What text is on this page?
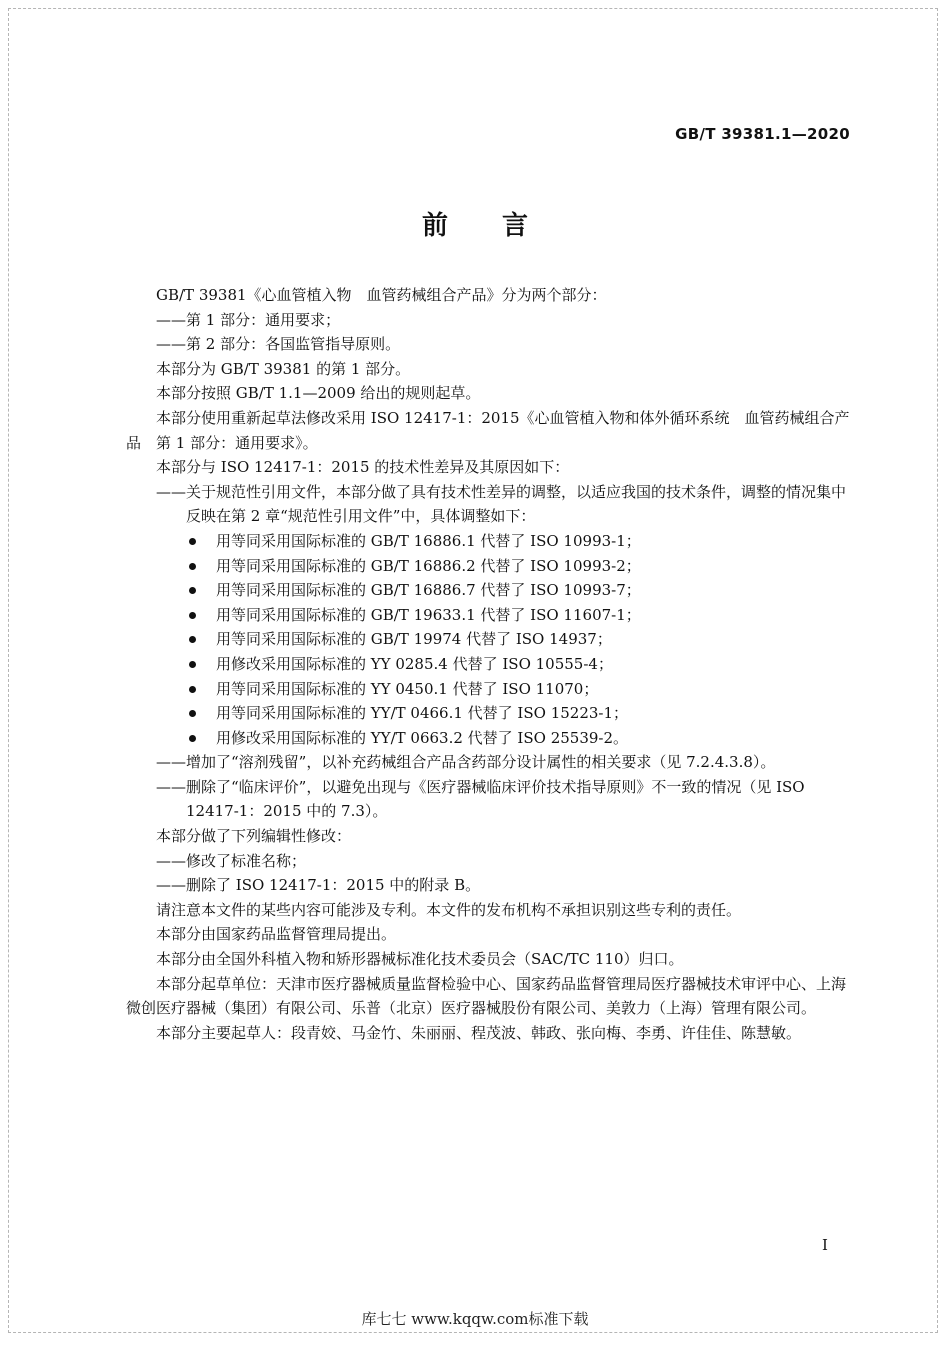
GB/T 39381.1—2020
前言

GB/T 39381《心血管植入物　血管药械组合产品》分为两个部分：

——第 1 部分：通用要求；

——第 2 部分：各国监管指导原则。

本部分为 GB/T 39381 的第 1 部分。

本部分按照 GB/T 1.1—2009 给出的规则起草。

本部分使用重新起草法修改采用 ISO 12417-1：2015《心血管植入物和体外循环系统　血管药械组合产品　第 1 部分：通用要求》。

本部分与 ISO 12417-1：2015 的技术性差异及其原因如下：

——关于规范性引用文件，本部分做了具有技术性差异的调整，以适应我国的技术条件，调整的情况集中反映在第 2 章“规范性引用文件”中，具体调整如下：

用等同采用国际标准的 GB/T 16886.1 代替了 ISO 10993-1；
用等同采用国际标准的 GB/T 16886.2 代替了 ISO 10993-2；
用等同采用国际标准的 GB/T 16886.7 代替了 ISO 10993-7；
用等同采用国际标准的 GB/T 19633.1 代替了 ISO 11607-1；
用等同采用国际标准的 GB/T 19974 代替了 ISO 14937；
用修改采用国际标准的 YY 0285.4 代替了 ISO 10555-4；
用等同采用国际标准的 YY 0450.1 代替了 ISO 11070；
用等同采用国际标准的 YY/T 0466.1 代替了 ISO 15223-1；
用修改采用国际标准的 YY/T 0663.2 代替了 ISO 25539-2。

——增加了“溶剂残留”，以补充药械组合产品含药部分设计属性的相关要求（见 7.2.4.3.8）。

——删除了“临床评价”，以避免出现与《医疗器械临床评价技术指导原则》不一致的情况（见 ISO 12417-1：2015 中的 7.3）。

本部分做了下列编辑性修改：

——修改了标准名称；

——删除了 ISO 12417-1：2015 中的附录 B。

请注意本文件的某些内容可能涉及专利。本文件的发布机构不承担识别这些专利的责任。

本部分由国家药品监督管理局提出。

本部分由全国外科植入物和矫形器械标准化技术委员会（SAC/TC 110）归口。

本部分起草单位：天津市医疗器械质量监督检验中心、国家药品监督管理局医疗器械技术审评中心、上海微创医疗器械（集团）有限公司、乐普（北京）医疗器械股份有限公司、美敦力（上海）管理有限公司。

本部分主要起草人：段青姣、马金竹、朱丽丽、程茂波、韩政、张向梅、李勇、许佳佳、陈慧敏。

I
库七七 www.kqqw.com标准下载
